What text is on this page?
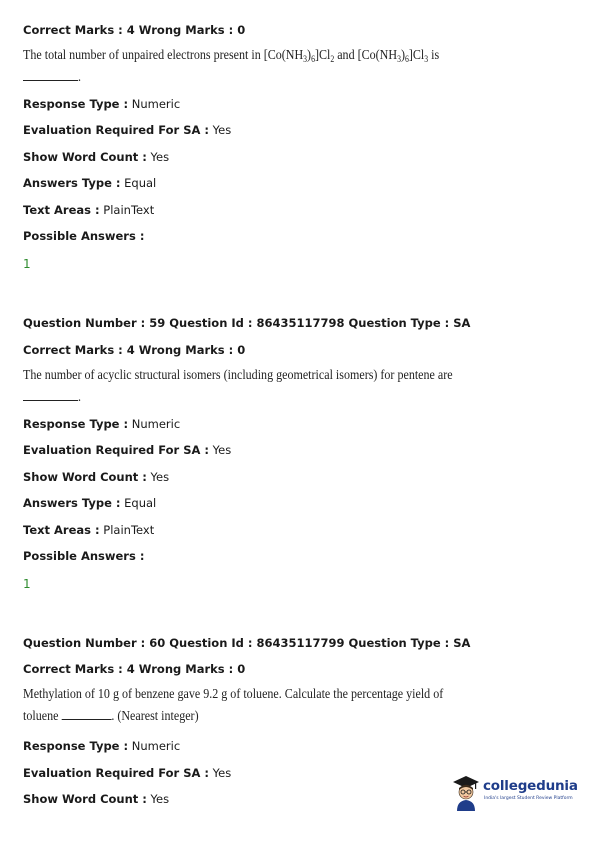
Correct Marks : 4 Wrong Marks : 0
The total number of unpaired electrons present in $[Co(NH_3)_6]Cl_2$ and $[Co(NH_3)_6]Cl_3$ is
.
Response Type : Numeric
Evaluation Required For SA : Yes
Show Word Count : Yes
Answers Type : Equal
Text Areas : PlainText
Possible Answers :
1
Question Number : 59 Question Id : 86435117798 Question Type : SA
Correct Marks : 4 Wrong Marks : 0
The number of acyclic structural isomers (including geometrical isomers) for pentene are
.
Response Type : Numeric
Evaluation Required For SA : Yes
Show Word Count : Yes
Answers Type : Equal
Text Areas : PlainText
Possible Answers :
1
Question Number : 60 Question Id : 86435117799 Question Type : SA
Correct Marks : 4 Wrong Marks : 0
Methylation of 10 g of benzene gave 9.2 g of toluene. Calculate the percentage yield of
toluene	. (Nearest integer)
Response Type : Numeric
Evaluation Required For SA : Yes
Show Word Count : Yes
collegedunia
India's largest Student Review Platform
